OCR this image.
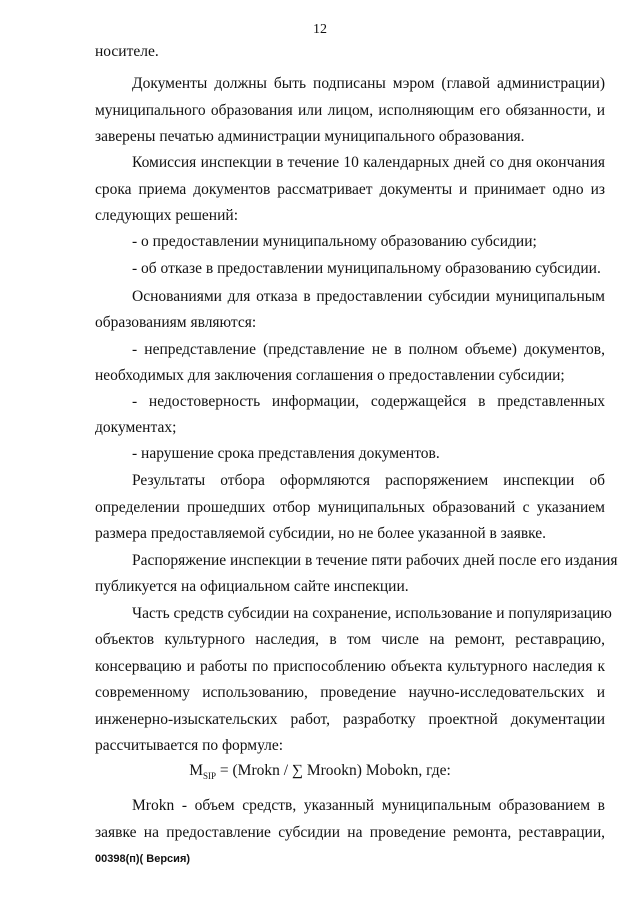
12
носителе.
Документы должны быть подписаны мэром (главой администрации)
муниципального образования или лицом, исполняющим его обязанности, и
заверены печатью администрации муниципального образования.
Комиссия инспекции в течение 10 календарных дней со дня окончания
срока приема документов рассматривает документы и принимает одно из
следующих решений:
- о предоставлении муниципальному образованию субсидии;
- об отказе в предоставлении муниципальному образованию субсидии.
Основаниями для отказа в предоставлении субсидии муниципальным
образованиям являются:
- непредставление (представление не в полном объеме) документов,
необходимых для заключения соглашения о предоставлении субсидии;
- недостоверность информации, содержащейся в представленных
документах;
- нарушение срока представления документов.
Результаты отбора оформляются распоряжением инспекции об
определении прошедших отбор муниципальных образований с указанием
размера предоставляемой субсидии, но не более указанной в заявке.
Распоряжение инспекции в течение пяти рабочих дней после его издания
публикуется на официальном сайте инспекции.
Часть средств субсидии на сохранение, использование и популяризацию
объектов культурного наследия, в том числе на ремонт, реставрацию,
консервацию и работы по приспособлению объекта культурного наследия к
современному использованию, проведение научно-исследовательских и
инженерно-изыскательских работ, разработку проектной документации
рассчитывается по формуле:
$M_{SIP}$ = (Mrokn / ∑ Mrookn) Mobokn, где:
Mrokn - объем средств, указанный муниципальным образованием в
заявке на предоставление субсидии на проведение ремонта, реставрации,
00398(п)( Версия)
